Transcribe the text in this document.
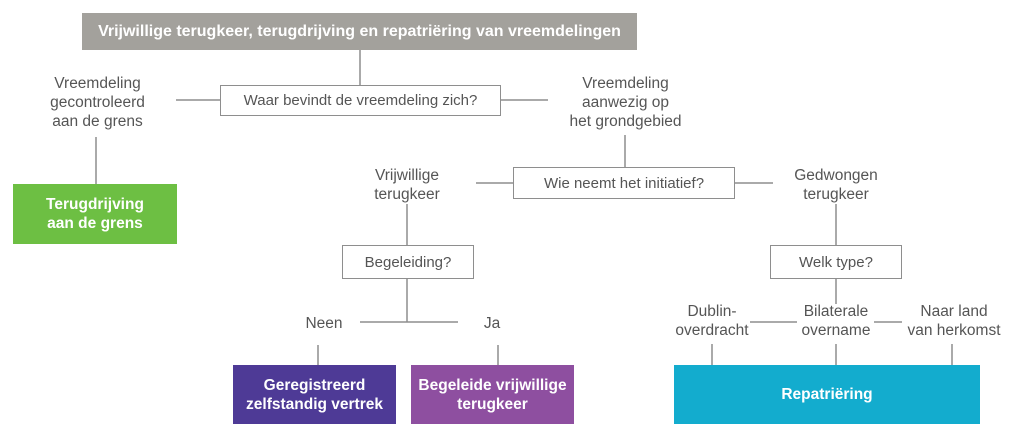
Vrijwillige terugkeer, terugdrijving en repatriëring van vreemdelingen
Waar bevindt de vreemdeling zich?
Vreemdeling
gecontroleerd
aan de grens
Vreemdeling
aanwezig op
het grondgebied
Terugdrijving
aan de grens
Wie neemt het initiatief?
Vrijwillige
terugkeer
Gedwongen
terugkeer
Begeleiding?	Welk type?
Neen	Ja
Dublin-
overdracht
Bilaterale
overname
Naar land
van herkomst
Geregistreerd
zelfstandig vertrek
Begeleide vrijwillige
terugkeer
Repatriëring
